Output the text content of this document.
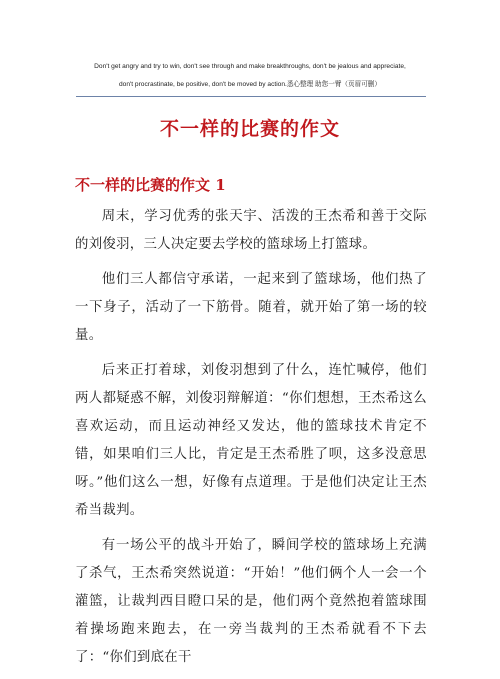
Don't get angry and try to win, don't see through and make breakthroughs, don't be jealous and appreciate,
don't procrastinate, be positive, don't be moved by action.悉心整理 助您一臂（页眉可删）
不一样的比赛的作文
不一样的比赛的作文 1

周末，学习优秀的张天宇、活泼的王杰希和善于交际的刘俊羽，三人决定要去学校的篮球场上打篮球。

他们三人都信守承诺，一起来到了篮球场，他们热了一下身子，活动了一下筋骨。随着，就开始了第一场的较量。

后来正打着球，刘俊羽想到了什么，连忙喊停，他们两人都疑惑不解，刘俊羽辩解道：“你们想想，王杰希这么喜欢运动，而且运动神经又发达，他的篮球技术肯定不错，如果咱们三人比，肯定是王杰希胜了呗，这多没意思呀。”他们这么一想，好像有点道理。于是他们决定让王杰希当裁判。

有一场公平的战斗开始了，瞬间学校的篮球场上充满了杀气，王杰希突然说道：“开始！”他们俩个人一会一个灌篮，让裁判西目瞪口呆的是，他们两个竟然抱着篮球围着操场跑来跑去，在一旁当裁判的王杰希就看不下去了：“你们到底在干
